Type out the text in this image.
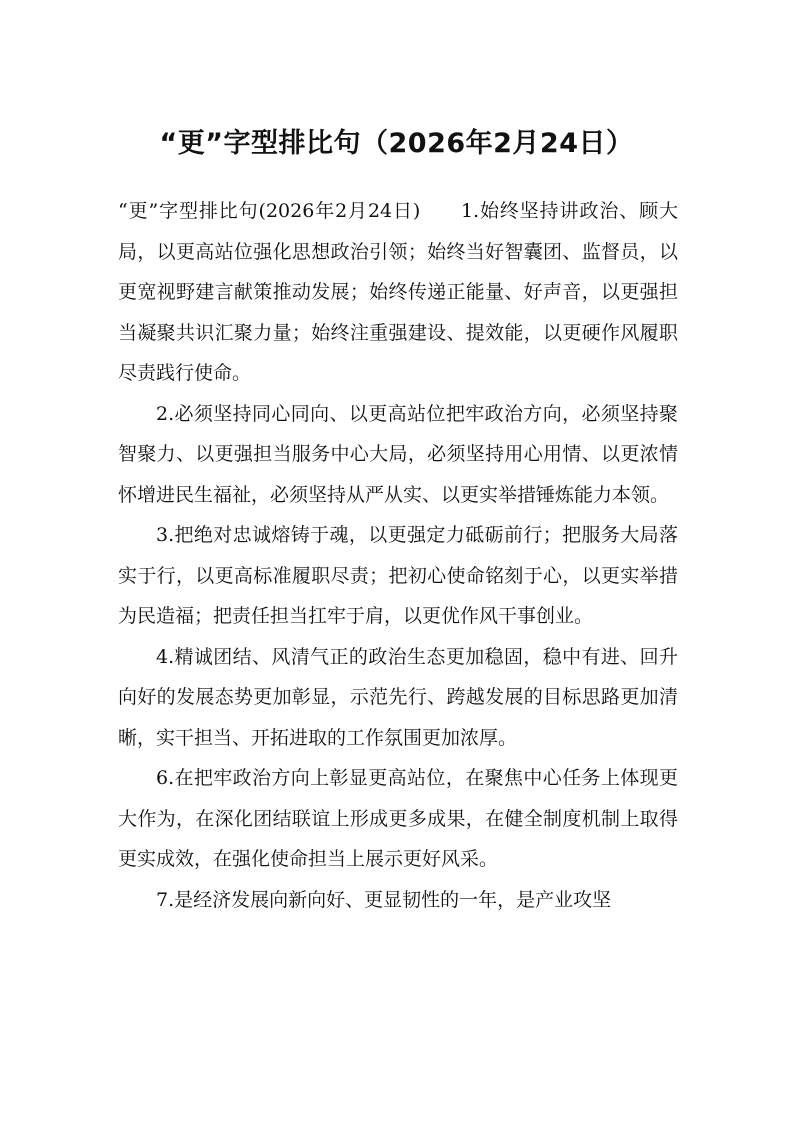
“更”字型排比句（2026年2月24日）

“更”字型排比句(2026年2月24日)　　1.始终坚持讲政治、顾大局，以更高站位强化思想政治引领；始终当好智囊团、监督员，以更宽视野建言献策推动发展；始终传递正能量、好声音，以更强担当凝聚共识汇聚力量；始终注重强建设、提效能，以更硬作风履职尽责践行使命。

2.必须坚持同心同向、以更高站位把牢政治方向，必须坚持聚智聚力、以更强担当服务中心大局，必须坚持用心用情、以更浓情怀增进民生福祉，必须坚持从严从实、以更实举措锤炼能力本领。

3.把绝对忠诚熔铸于魂，以更强定力砥砺前行；把服务大局落实于行，以更高标准履职尽责；把初心使命铭刻于心，以更实举措为民造福；把责任担当扛牢于肩，以更优作风干事创业。

4.精诚团结、风清气正的政治生态更加稳固，稳中有进、回升向好的发展态势更加彰显，示范先行、跨越发展的目标思路更加清晰，实干担当、开拓进取的工作氛围更加浓厚。

6.在把牢政治方向上彰显更高站位，在聚焦中心任务上体现更大作为，在深化团结联谊上形成更多成果，在健全制度机制上取得更实成效，在强化使命担当上展示更好风采。

7.是经济发展向新向好、更显韧性的一年，是产业攻坚
